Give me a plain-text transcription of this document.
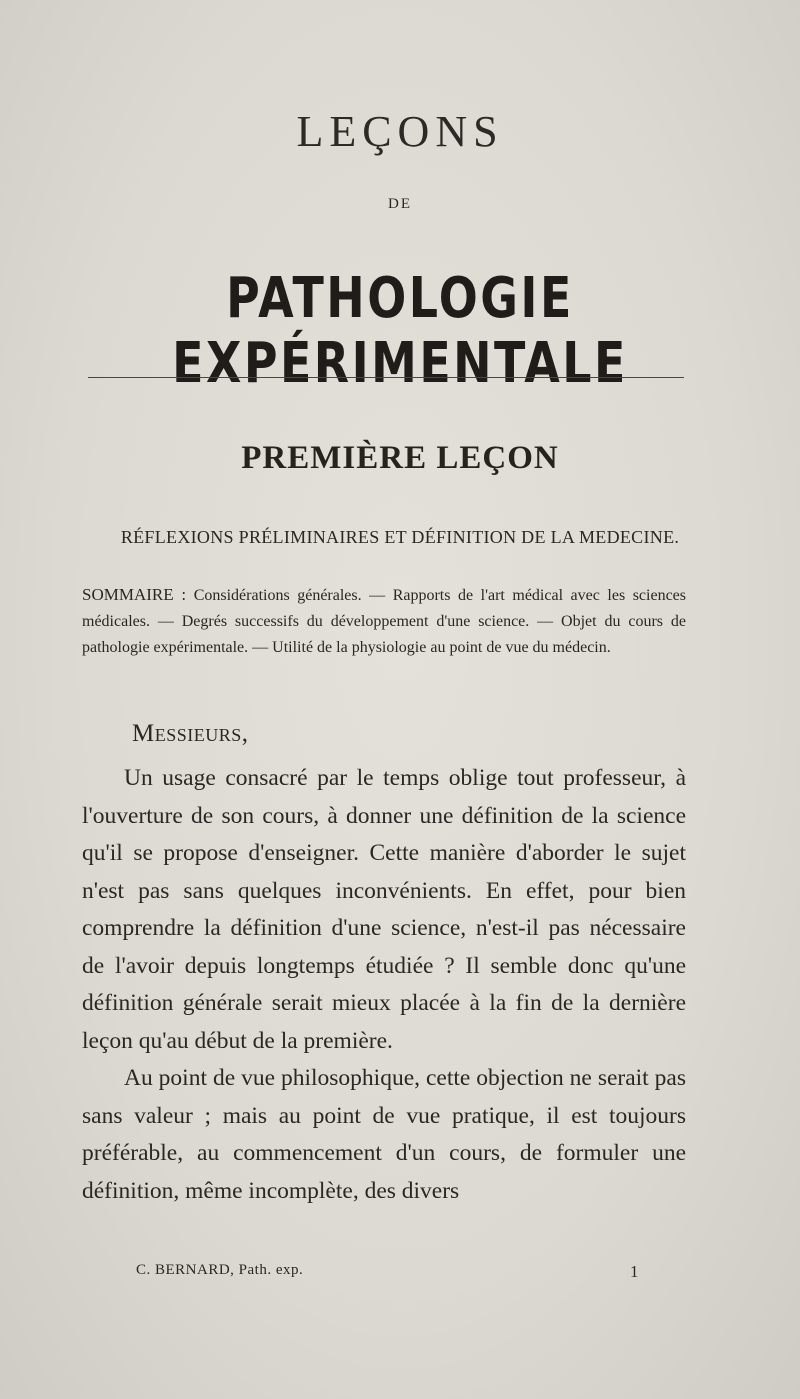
LEÇONS
DE
PATHOLOGIE EXPÉRIMENTALE
PREMIÈRE LEÇON
RÉFLEXIONS PRÉLIMINAIRES ET DÉFINITION DE LA MEDECINE.
SOMMAIRE : Considérations générales. — Rapports de l'art médical avec les sciences médicales. — Degrés successifs du développement d'une science. — Objet du cours de pathologie expérimentale. — Utilité de la physiologie au point de vue du médecin.
Messieurs,

Un usage consacré par le temps oblige tout professeur, à l'ouverture de son cours, à donner une définition de la science qu'il se propose d'enseigner. Cette manière d'aborder le sujet n'est pas sans quelques inconvénients. En effet, pour bien comprendre la définition d'une science, n'est-il pas nécessaire de l'avoir depuis longtemps étudiée ? Il semble donc qu'une définition générale serait mieux placée à la fin de la dernière leçon qu'au début de la première.

Au point de vue philosophique, cette objection ne serait pas sans valeur ; mais au point de vue pratique, il est toujours préférable, au commencement d'un cours, de formuler une définition, même incomplète, des divers

C. BERNARD, Path. exp.	1
